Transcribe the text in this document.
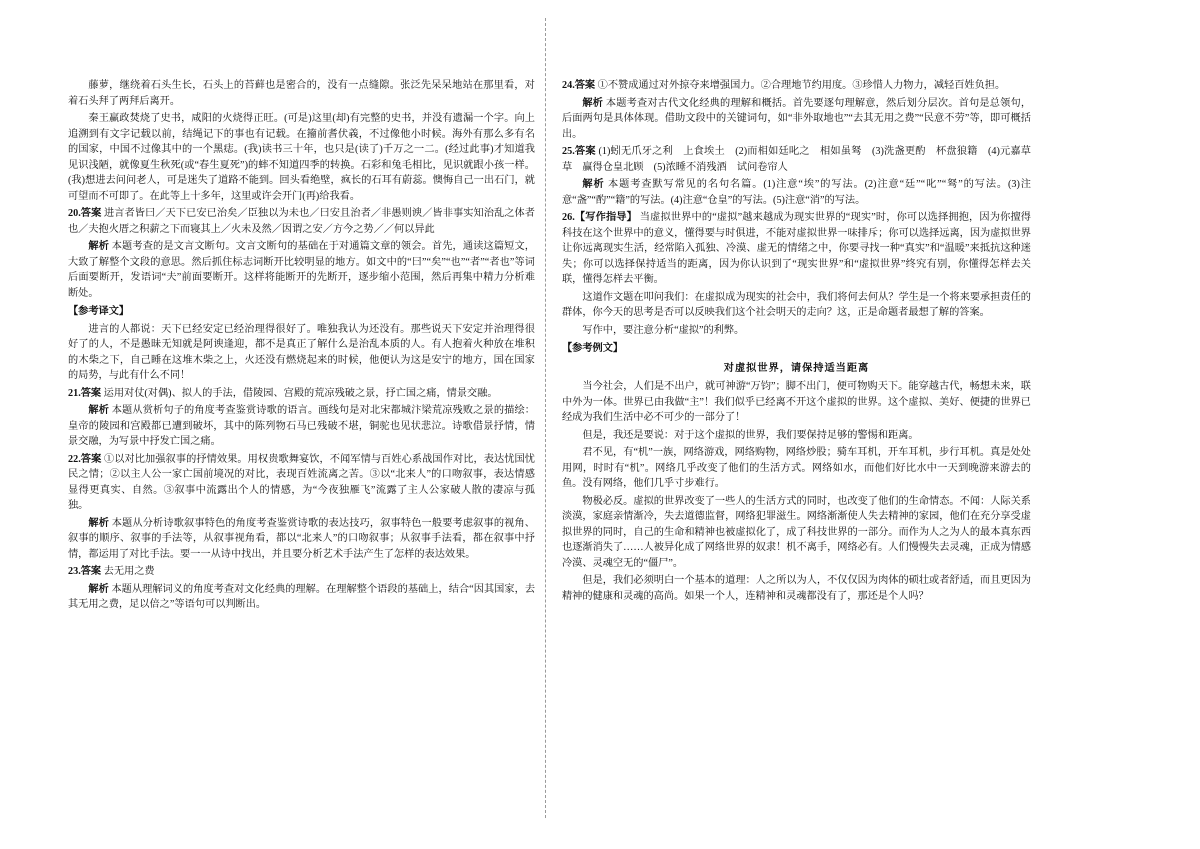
藤萝，继绕着石头生长，石头上的苔藓也是密合的，没有一点缝隙。张泛先呆呆地站在那里看，对着石头拜了两拜后离开。

秦王赢政焚烧了史书，咸阳的火烧得正旺。(可是)这里(却)有完整的史书，并没有遗漏一个字。向上追溯到有文字记载以前，结绳记下的事也有记载。在籀前耆伏義，不过像他小时候。海外有那么多有名的国家，中国不过像其中的一个黑痣。(我)读书三十年，也只是(读了)千万之一二。(经过此事)才知道我见识浅陋，就像夏生秋死(或“春生夏死”)的蟀不知道四季的转换。石彩和兔毛相比，见识就跟小孩一样。(我)想进去问问老人，可是迷失了道路不能到。回头看绝壁，疯长的石耳有蔚蕊。懊悔自己一出石门，就可望而不可即了。在此等上十多年，这里或许会开门(再)给我看。

20.答案 进言者皆曰／天下已安已治矣／臣独以为未也／曰安且治者／非愚则谀／皆非事实知治乱之体者也／夫抱火厝之积薪之下而寝其上／火未及然／因谓之安／方今之势／／何以异此

解析 本题考查的是文言文断句。文言文断句的基础在于对通篇文章的领会。首先，通读这篇短文，大致了解整个文段的意思。然后抓住标志词断开比较明显的地方。如文中的“曰”“矣”“也”“者”“者也”等词后面要断开，发语词“夫”前面要断开。这样将能断开的先断开，逐步缩小范围，然后再集中精力分析难断处。

【参考译文】

进言的人都说：天下已经安定已经治理得很好了。唯独我认为还没有。那些说天下安定并治理得很好了的人，不是愚昧无知就是阿谀逢迎，都不是真正了解什么是治乱本质的人。有人抱着火种放在堆积的木柴之下，自己睡在这堆木柴之上，火还没有燃烧起来的时候，他便认为这是安宁的地方，国在国家的局势，与此有什么不同！

21.答案 运用对仗(对偶)、拟人的手法，借陵园、宫殿的荒凉残破之景，抒亡国之痛，情景交融。

解析 本题从赏析句子的角度考查鉴赏诗歌的语言。画线句是对北宋都城汴梁荒凉残败之景的描绘：皇帝的陵园和宫殿都已遭到破坏，其中的陈列物石马已残破不堪，铜驼也见状悲泣。诗歌借景抒情，情景交融，为写景中抒发亡国之痛。

22.答案 ①以对比加强叙事的抒情效果。用权贵歌舞宴饮，不闻军情与百姓心系战国作对比，表达忧国忧民之情；②以主人公一家亡国前境况的对比，表现百姓流离之苦。③以“北来人”的口吻叙事，表达情感显得更真实、自然。③叙事中流露出个人的情感，为“今夜独雁飞”流露了主人公家破人散的凄凉与孤独。

解析 本题从分析诗歌叙事特色的角度考查鉴赏诗歌的表达技巧，叙事特色一般要考虑叙事的视角、叙事的顺序、叙事的手法等，从叙事视角看，都以“北来人”的口吻叙事；从叙事手法看，都在叙事中抒情，都运用了对比手法。要一一从诗中找出，并且要分析艺术手法产生了怎样的表达效果。

23.答案 去无用之费

解析 本题从理解词义的角度考查对文化经典的理解。在理解整个语段的基础上，结合“因其国家，去其无用之费，足以倍之”等语句可以判断出。

24.答案 ①不赞成通过对外掠夺来增强国力。②合理地节约用度。③珍惜人力物力，减轻百姓负担。

解析 本题考查对古代文化经典的理解和概括。首先要逐句理解意，然后划分层次。首句是总领句，后面两句是具体体现。借助文段中的关键词句，如“非外取地也”“去其无用之费”“民意不劳”等，即可概括出。

25.答案 (1)蚓无爪牙之利　上食埃土　(2)而相如廷叱之　相如虽驽　(3)洗盏更酌　杯盘狼籍　(4)元嘉草草　赢得仓皇北顾　(5)浓睡不消残酒　试问卷帘人

解析 本题考查默写常见的名句名篇。(1)注意“埃”的写法。(2)注意“廷”“叱”“驽”的写法。(3)注意“盏”“酌”“籍”的写法。(4)注意“仓皇”的写法。(5)注意“消”的写法。

26.【写作指导】 当虚拟世界中的“虚拟”越来越成为现实世界的“现实”时，你可以选择拥抱，因为你擅得科技在这个世界中的意义，懂得要与时俱进，不能对虚拟世界一味排斥；你可以选择远离，因为虚拟世界让你远离现实生活，经常陷入孤独、冷漠、虚无的情绪之中，你要寻找一种“真实”和“温暖”来抵抗这种迷失；你可以选择保持适当的距离，因为你认识到了“现实世界”和“虚拟世界”终究有别，你懂得怎样去关联，懂得怎样去平衡。

这道作文题在叩问我们：在虚拟成为现实的社会中，我们将何去何从？学生是一个将来要承担责任的群体，你今天的思考是否可以反映我们这个社会明天的走向？这，正是命题者最想了解的答案。

写作中，要注意分析“虚拟”的利弊。

【参考例文】

对虚拟世界，请保持适当距离

当今社会，人们是不出户，就可神游“万钧”；脚不出门，便可物购天下。能穿越古代，畅想未来，联中外为一体。世界已由我做“主”！我们似乎已经离不开这个虚拟的世界。这个虚拟、美好、便捷的世界已经成为我们生活中必不可少的一部分了！

但是，我还是要说：对于这个虚拟的世界，我们要保持足够的警惕和距离。

君不见，有“机”一族，网络游戏，网络购物，网络炒股；骑车耳机，开车耳机，步行耳机。真是处处用网，时时有“机”。网络几乎改变了他们的生活方式。网络如水，而他们好比水中一天到晚游来游去的鱼。没有网络，他们几乎寸步难行。

物极必反。虚拟的世界改变了一些人的生活方式的同时，也改变了他们的生命情态。不闻：人际关系淡漠，家庭亲情渐冷，失去道德监督，网络犯罪滋生。网络渐渐使人失去精神的家园，他们在充分享受虚拟世界的同时，自己的生命和精神也被虚拟化了，成了科技世界的一部分。而作为人之为人的最本真东西也逐渐消失了……人被异化成了网络世界的奴隶！机不离手，网络必有。人们慢慢失去灵魂，正成为情感冷漠、灵魂空无的“僵尸”。

但是，我们必须明白一个基本的道理：人之所以为人，不仅仅因为肉体的硕壮或者舒适，而且更因为精神的健康和灵魂的高尚。如果一个人，连精神和灵魂都没有了，那还是个人吗？
